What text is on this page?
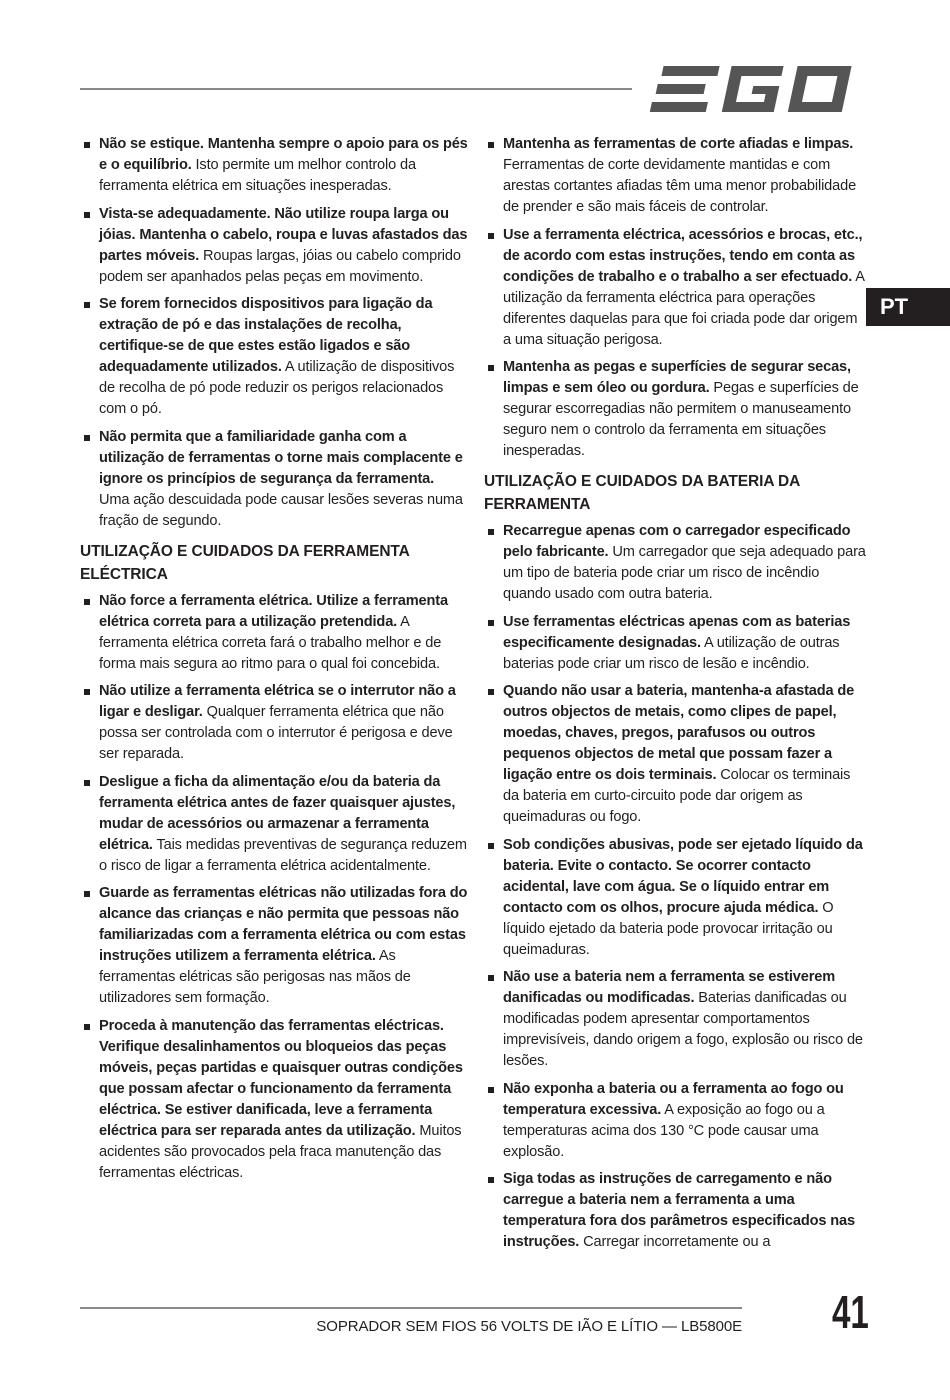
PT
Não se estique. Mantenha sempre o apoio para os pés e o equilíbrio. Isto permite um melhor controlo da ferramenta elétrica em situações inesperadas.
Vista-se adequadamente. Não utilize roupa larga ou jóias. Mantenha o cabelo, roupa e luvas afastados das partes móveis. Roupas largas, jóias ou cabelo comprido podem ser apanhados pelas peças em movimento.
Se forem fornecidos dispositivos para ligação da extração de pó e das instalações de recolha, certifique-se de que estes estão ligados e são adequadamente utilizados. A utilização de dispositivos de recolha de pó pode reduzir os perigos relacionados com o pó.
Não permita que a familiaridade ganha com a utilização de ferramentas o torne mais complacente e ignore os princípios de segurança da ferramenta. Uma ação descuidada pode causar lesões severas numa fração de segundo.
UTILIZAÇÃO E CUIDADOS DA FERRAMENTA ELÉCTRICA
Não force a ferramenta elétrica. Utilize a ferramenta elétrica correta para a utilização pretendida. A ferramenta elétrica correta fará o trabalho melhor e de forma mais segura ao ritmo para o qual foi concebida.
Não utilize a ferramenta elétrica se o interrutor não a ligar e desligar. Qualquer ferramenta elétrica que não possa ser controlada com o interrutor é perigosa e deve ser reparada.
Desligue a ficha da alimentação e/ou da bateria da ferramenta elétrica antes de fazer quaisquer ajustes, mudar de acessórios ou armazenar a ferramenta elétrica. Tais medidas preventivas de segurança reduzem o risco de ligar a ferramenta elétrica acidentalmente.
Guarde as ferramentas elétricas não utilizadas fora do alcance das crianças e não permita que pessoas não familiarizadas com a ferramenta elétrica ou com estas instruções utilizem a ferramenta elétrica. As ferramentas elétricas são perigosas nas mãos de utilizadores sem formação.
Proceda à manutenção das ferramentas eléctricas. Verifique desalinhamentos ou bloqueios das peças móveis, peças partidas e quaisquer outras condições que possam afectar o funcionamento da ferramenta eléctrica. Se estiver danificada, leve a ferramenta eléctrica para ser reparada antes da utilização. Muitos acidentes são provocados pela fraca manutenção das ferramentas eléctricas.
Mantenha as ferramentas de corte afiadas e limpas. Ferramentas de corte devidamente mantidas e com arestas cortantes afiadas têm uma menor probabilidade de prender e são mais fáceis de controlar.
Use a ferramenta eléctrica, acessórios e brocas, etc., de acordo com estas instruções, tendo em conta as condições de trabalho e o trabalho a ser efectuado. A utilização da ferramenta eléctrica para operações diferentes daquelas para que foi criada pode dar origem a uma situação perigosa.
Mantenha as pegas e superfícies de segurar secas, limpas e sem óleo ou gordura. Pegas e superfícies de segurar escorregadias não permitem o manuseamento seguro nem o controlo da ferramenta em situações inesperadas.
UTILIZAÇÃO E CUIDADOS DA BATERIA DA FERRAMENTA
Recarregue apenas com o carregador especificado pelo fabricante. Um carregador que seja adequado para um tipo de bateria pode criar um risco de incêndio quando usado com outra bateria.
Use ferramentas eléctricas apenas com as baterias especificamente designadas. A utilização de outras baterias pode criar um risco de lesão e incêndio.
Quando não usar a bateria, mantenha-a afastada de outros objectos de metais, como clipes de papel, moedas, chaves, pregos, parafusos ou outros pequenos objectos de metal que possam fazer a ligação entre os dois terminais. Colocar os terminais da bateria em curto-circuito pode dar origem as queimaduras ou fogo.
Sob condições abusivas, pode ser ejetado líquido da bateria. Evite o contacto. Se ocorrer contacto acidental, lave com água. Se o líquido entrar em contacto com os olhos, procure ajuda médica. O líquido ejetado da bateria pode provocar irritação ou queimaduras.
Não use a bateria nem a ferramenta se estiverem danificadas ou modificadas. Baterias danificadas ou modificadas podem apresentar comportamentos imprevisíveis, dando origem a fogo, explosão ou risco de lesões.
Não exponha a bateria ou a ferramenta ao fogo ou temperatura excessiva. A exposição ao fogo ou a temperaturas acima dos 130 °C pode causar uma explosão.
Siga todas as instruções de carregamento e não carregue a bateria nem a ferramenta a uma temperatura fora dos parâmetros especificados nas instruções. Carregar incorretamente ou a
SOPRADOR SEM FIOS 56 VOLTS DE IÃO E LÍTIO — LB5800E 41
